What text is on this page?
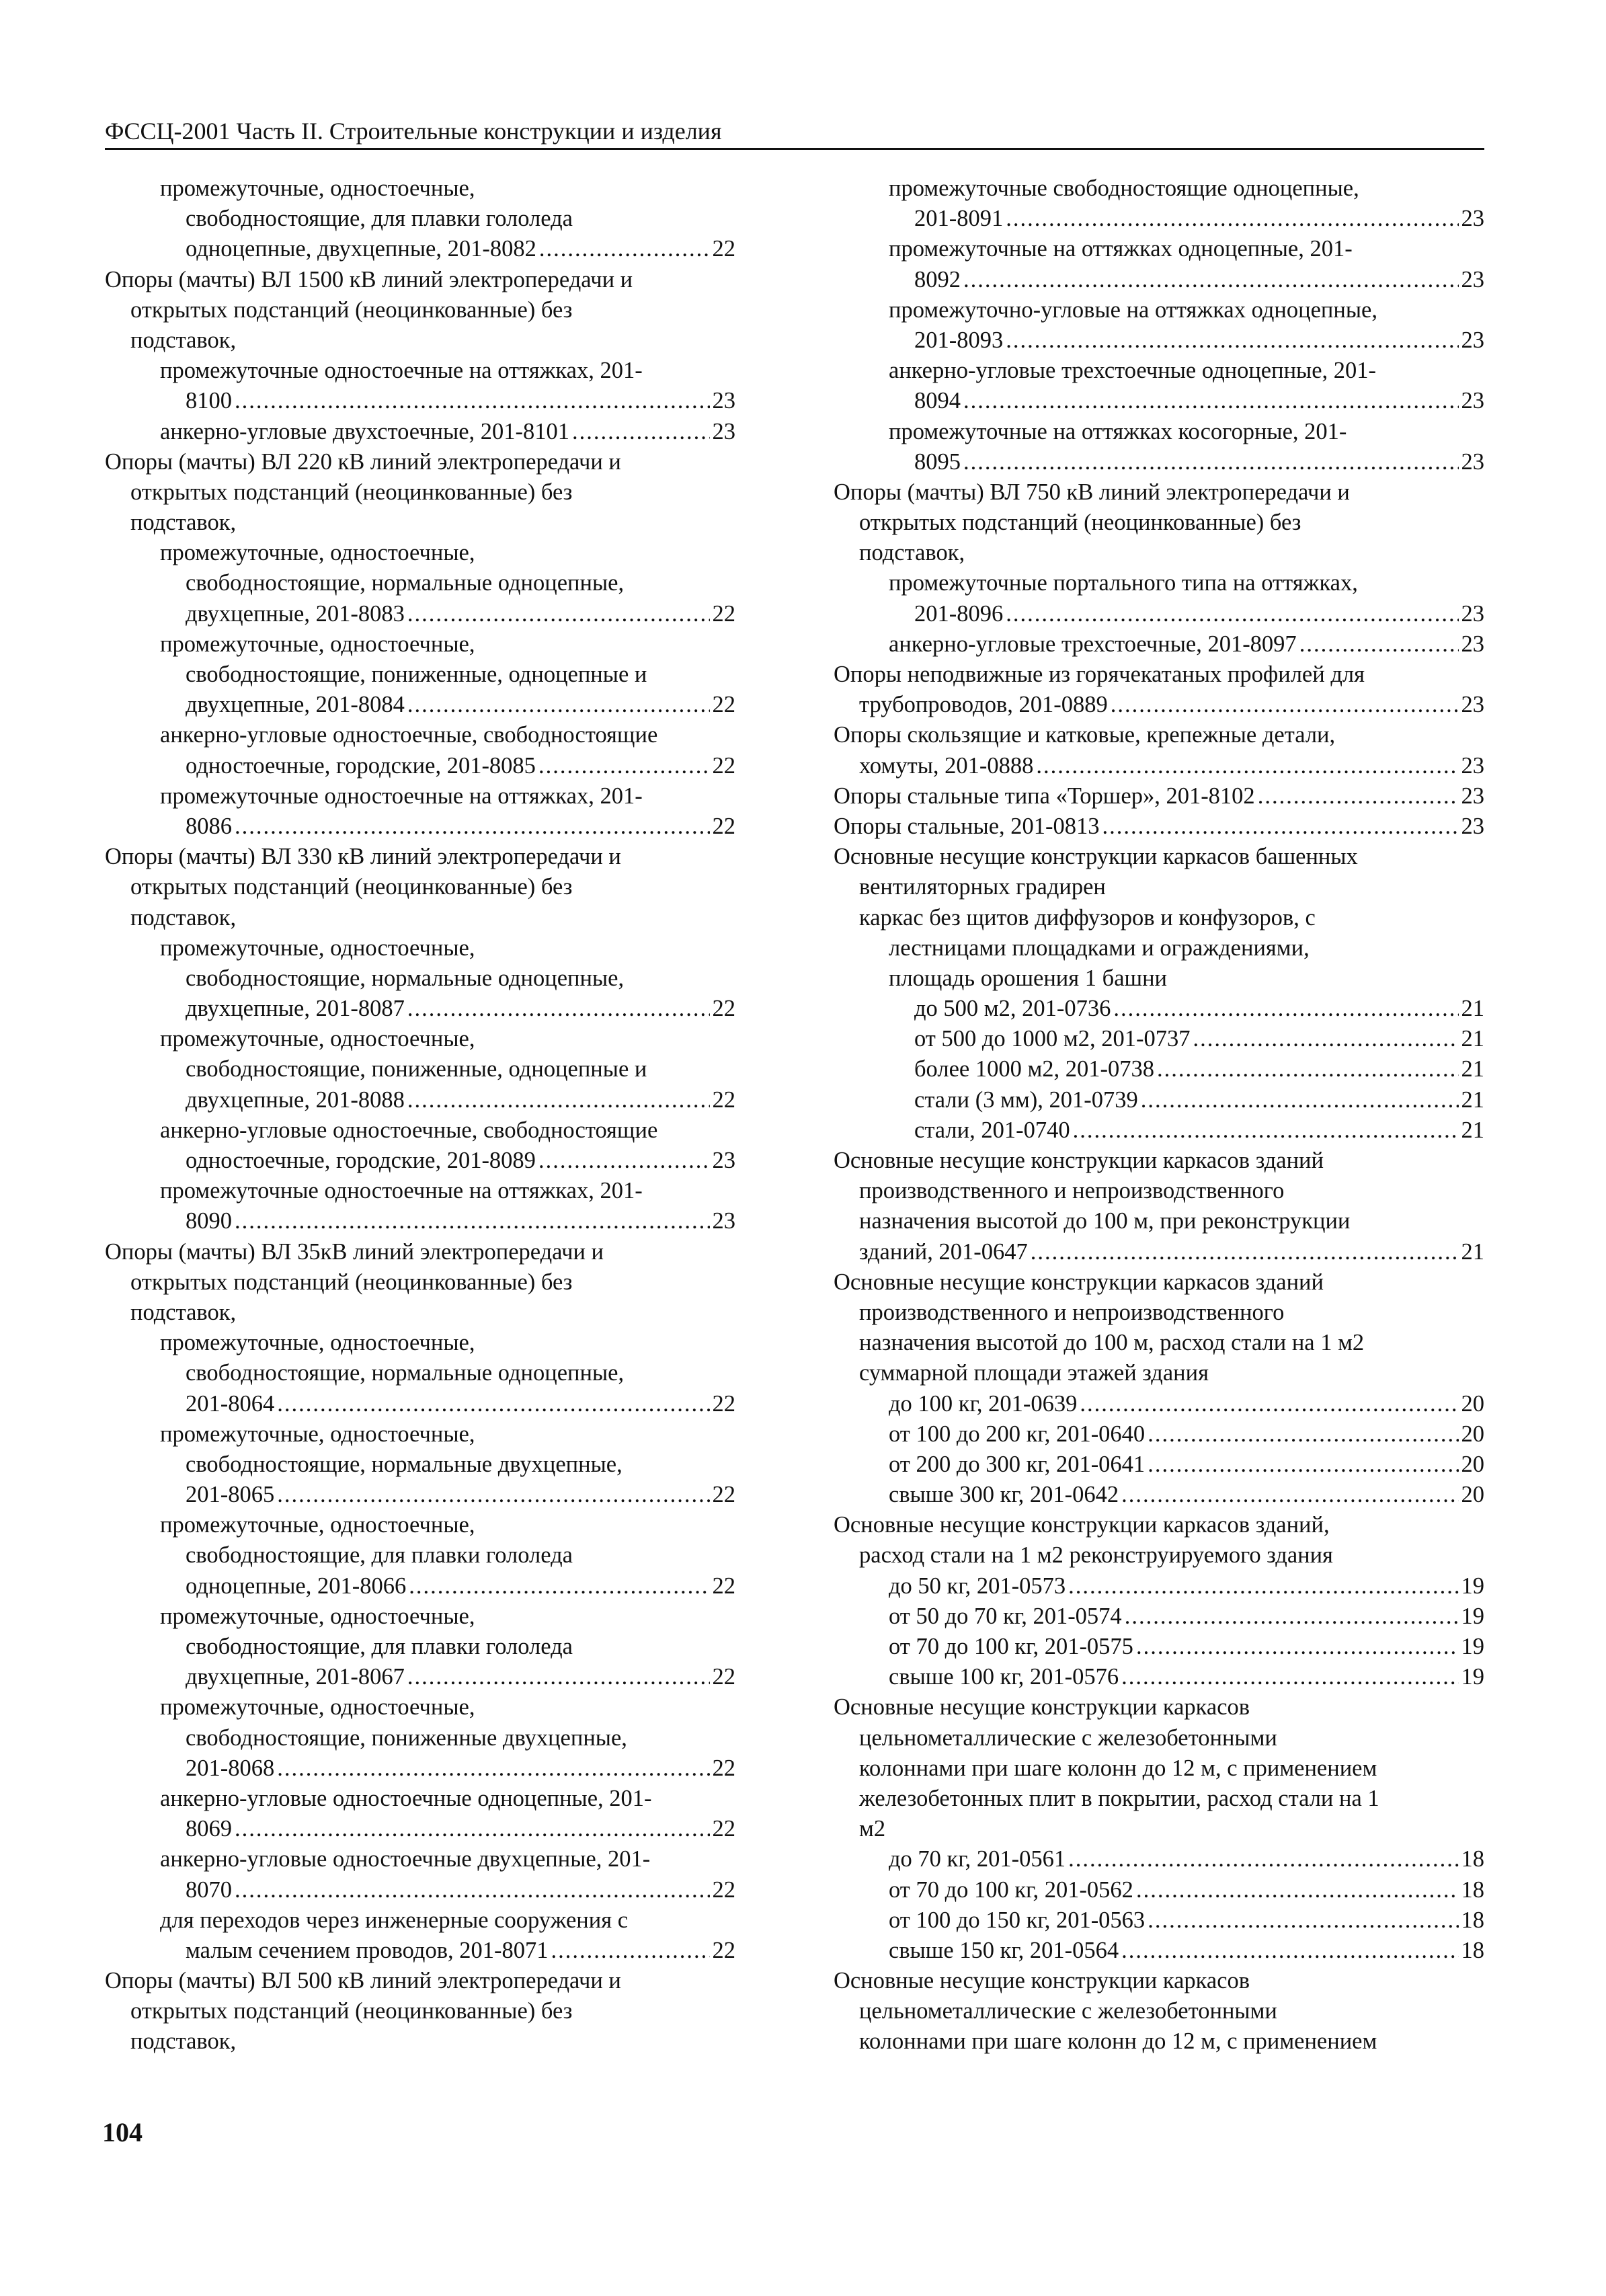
ФССЦ-2001 Часть II. Строительные конструкции и изделия
промежуточные, одностоечные,
свободностоящие, для плавки гололеда
одноцепные, двухцепные, 201-8082 .....	22
Опоры (мачты) ВЛ 1500 кВ линий электропередачи и
открытых подстанций (неоцинкованные) без
подставок,
промежуточные одностоечные на оттяжках, 201-
8100 .....	23
анкерно-угловые двухстоечные, 201-8101 .....	23
Опоры (мачты) ВЛ 220 кВ линий электропередачи и
открытых подстанций (неоцинкованные) без
подставок,
промежуточные, одностоечные,
свободностоящие, нормальные одноцепные,
двухцепные, 201-8083 .....	22
промежуточные, одностоечные,
свободностоящие, пониженные, одноцепные и
двухцепные, 201-8084 .....	22
анкерно-угловые одностоечные, свободностоящие
одностоечные, городские, 201-8085 .....	22
промежуточные одностоечные на оттяжках, 201-
8086 .....	22
Опоры (мачты) ВЛ 330 кВ линий электропередачи и
открытых подстанций (неоцинкованные) без
подставок,
промежуточные, одностоечные,
свободностоящие, нормальные одноцепные,
двухцепные, 201-8087 .....	22
промежуточные, одностоечные,
свободностоящие, пониженные, одноцепные и
двухцепные, 201-8088 .....	22
анкерно-угловые одностоечные, свободностоящие
одностоечные, городские, 201-8089 .....	23
промежуточные одностоечные на оттяжках, 201-
8090 .....	23
Опоры (мачты) ВЛ 35кВ линий электропередачи и
открытых подстанций (неоцинкованные) без
подставок,
промежуточные, одностоечные,
свободностоящие, нормальные одноцепные,
201-8064 .....	22
промежуточные, одностоечные,
свободностоящие, нормальные двухцепные,
201-8065 .....	22
промежуточные, одностоечные,
свободностоящие, для плавки гололеда
одноцепные, 201-8066 .....	22
промежуточные, одностоечные,
свободностоящие, для плавки гололеда
двухцепные, 201-8067 .....	22
промежуточные, одностоечные,
свободностоящие, пониженные двухцепные,
201-8068 .....	22
анкерно-угловые одностоечные одноцепные, 201-
8069 .....	22
анкерно-угловые одностоечные двухцепные, 201-
8070 .....	22
для переходов через инженерные сооружения с
малым сечением проводов, 201-8071 .....	22
Опоры (мачты) ВЛ 500 кВ линий электропередачи и
открытых подстанций (неоцинкованные) без
подставок,
промежуточные свободностоящие одноцепные,
201-8091 .....	23
промежуточные на оттяжках одноцепные, 201-
8092 .....	23
промежуточно-угловые на оттяжках одноцепные,
201-8093 .....	23
анкерно-угловые трехстоечные одноцепные, 201-
8094 .....	23
промежуточные на оттяжках косогорные, 201-
8095 .....	23
Опоры (мачты) ВЛ 750 кВ линий электропередачи и
открытых подстанций (неоцинкованные) без
подставок,
промежуточные портального типа на оттяжках,
201-8096 .....	23
анкерно-угловые трехстоечные, 201-8097 .....	23
Опоры неподвижные из горячекатаных профилей для
трубопроводов, 201-0889 .....	23
Опоры скользящие и катковые, крепежные детали,
хомуты, 201-0888 .....	23
Опоры стальные типа «Торшер», 201-8102 .....	23
Опоры стальные, 201-0813 .....	23
Основные несущие конструкции каркасов башенных
вентиляторных градирен
каркас без щитов диффузоров и конфузоров, с
лестницами площадками и ограждениями,
площадь орошения 1 башни
до 500 м2, 201-0736 .....	21
от 500 до 1000 м2, 201-0737 .....	21
более 1000 м2, 201-0738 .....	21
стали (3 мм), 201-0739 .....	21
стали, 201-0740 .....	21
Основные несущие конструкции каркасов зданий
производственного и непроизводственного
назначения высотой до 100 м, при реконструкции
зданий, 201-0647 .....	21
Основные несущие конструкции каркасов зданий
производственного и непроизводственного
назначения высотой до 100 м, расход стали на 1 м2
суммарной площади этажей здания
до 100 кг, 201-0639 .....	20
от 100 до 200 кг, 201-0640 .....	20
от 200 до 300 кг, 201-0641 .....	20
свыше 300 кг, 201-0642 .....	20
Основные несущие конструкции каркасов зданий,
расход стали на 1 м2 реконструируемого здания
до 50 кг, 201-0573 .....	19
от 50 до 70 кг, 201-0574 .....	19
от 70 до 100 кг, 201-0575 .....	19
свыше 100 кг, 201-0576 .....	19
Основные несущие конструкции каркасов
цельнометаллические с железобетонными
колоннами при шаге колонн до 12 м, с применением
железобетонных плит в покрытии, расход стали на 1
м2
до 70 кг, 201-0561 .....	18
от 70 до 100 кг, 201-0562 .....	18
от 100 до 150 кг, 201-0563 .....	18
свыше 150 кг, 201-0564 .....	18
Основные несущие конструкции каркасов
цельнометаллические с железобетонными
колоннами при шаге колонн до 12 м, с применением
104
